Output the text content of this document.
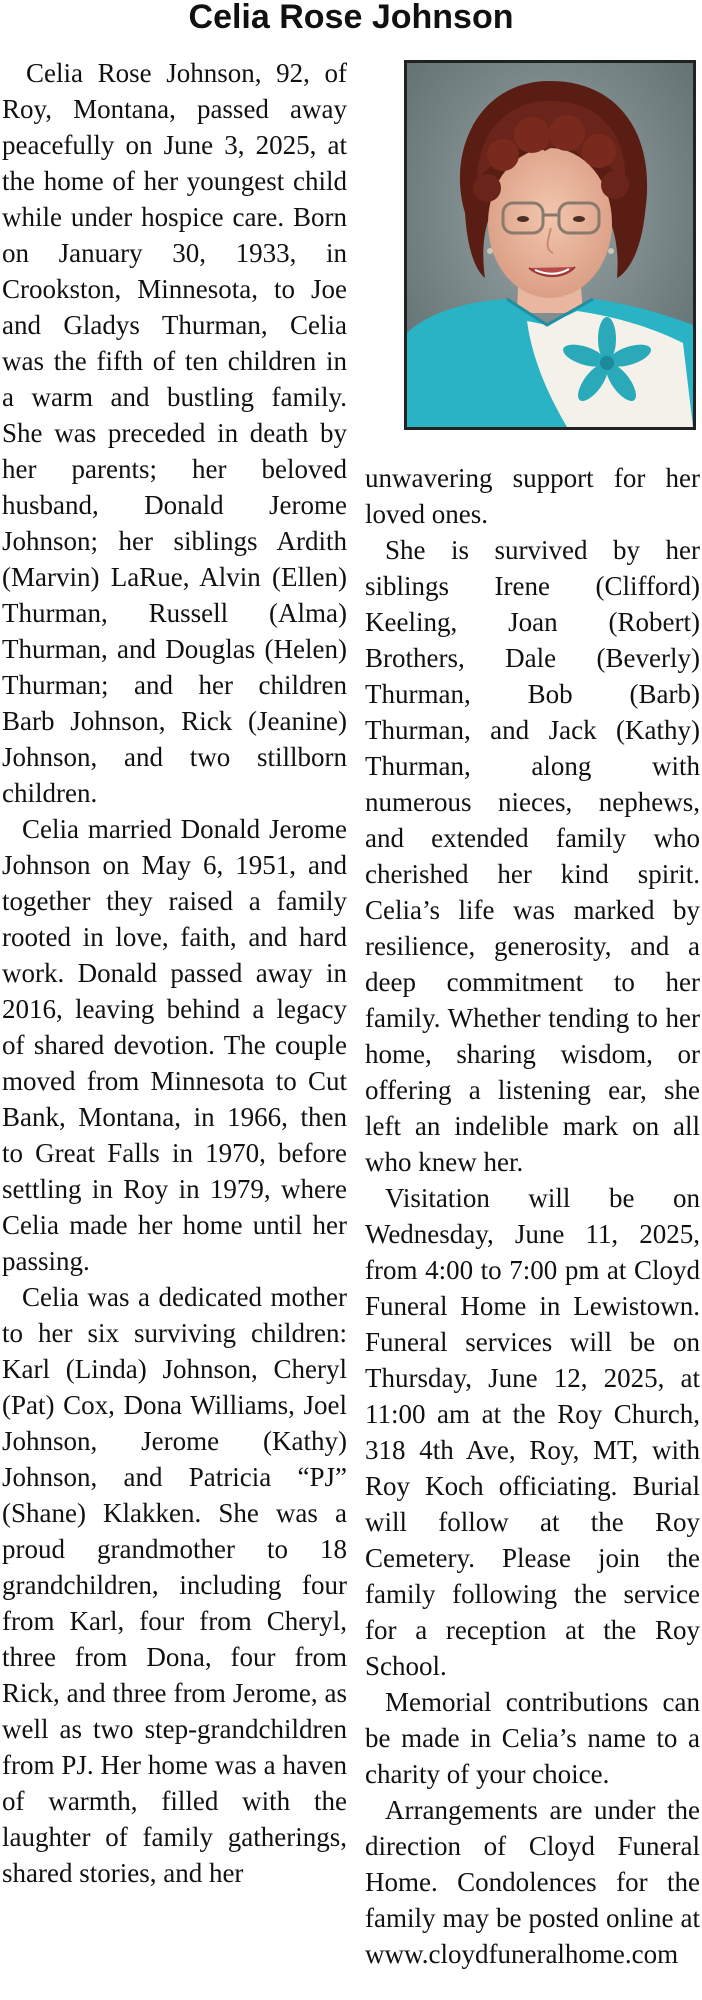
Celia Rose Johnson

Celia Rose Johnson, 92, of Roy, Montana, passed away peacefully on June 3, 2025, at the home of her youngest child while under hospice care. Born on January 30, 1933, in Crookston, Minnesota, to Joe and Gladys Thurman, Celia was the fifth of ten children in a warm and bustling family. She was preceded in death by her parents; her beloved husband, Donald Jerome Johnson; her siblings Ardith (Marvin) LaRue, Alvin (Ellen) Thurman, Russell (Alma) Thurman, and Douglas (Helen) Thurman; and her children Barb Johnson, Rick (Jeanine) Johnson, and two stillborn children.

Celia married Donald Jerome Johnson on May 6, 1951, and together they raised a family rooted in love, faith, and hard work. Donald passed away in 2016, leaving behind a legacy of shared devotion. The couple moved from Minnesota to Cut Bank, Montana, in 1966, then to Great Falls in 1970, before settling in Roy in 1979, where Celia made her home until her passing.

Celia was a dedicated mother to her six surviving children: Karl (Linda) Johnson, Cheryl (Pat) Cox, Dona Williams, Joel Johnson, Jerome (Kathy) Johnson, and Patricia “PJ” (Shane) Klakken. She was a proud grandmother to 18 grandchildren, including four from Karl, four from Cheryl, three from Dona, four from Rick, and three from Jerome, as well as two step-grandchildren from PJ. Her home was a haven of warmth, filled with the laughter of family gatherings, shared stories, and her

unwavering support for her loved ones.

She is survived by her siblings Irene (Clifford) Keeling, Joan (Robert) Brothers, Dale (Beverly) Thurman, Bob (Barb) Thurman, and Jack (Kathy) Thurman, along with numerous nieces, nephews, and extended family who cherished her kind spirit. Celia’s life was marked by resilience, generosity, and a deep commitment to her family. Whether tending to her home, sharing wisdom, or offering a listening ear, she left an indelible mark on all who knew her.

Visitation will be on Wednesday, June 11, 2025, from 4:00 to 7:00 pm at Cloyd Funeral Home in Lewistown. Funeral services will be on Thursday, June 12, 2025, at 11:00 am at the Roy Church, 318 4th Ave, Roy, MT, with Roy Koch officiating. Burial will follow at the Roy Cemetery. Please join the family following the service for a reception at the Roy School.

Memorial contributions can be made in Celia’s name to a charity of your choice.

Arrangements are under the direction of Cloyd Funeral Home. Condolences for the family may be posted online at www.cloydfuneralhome.com
